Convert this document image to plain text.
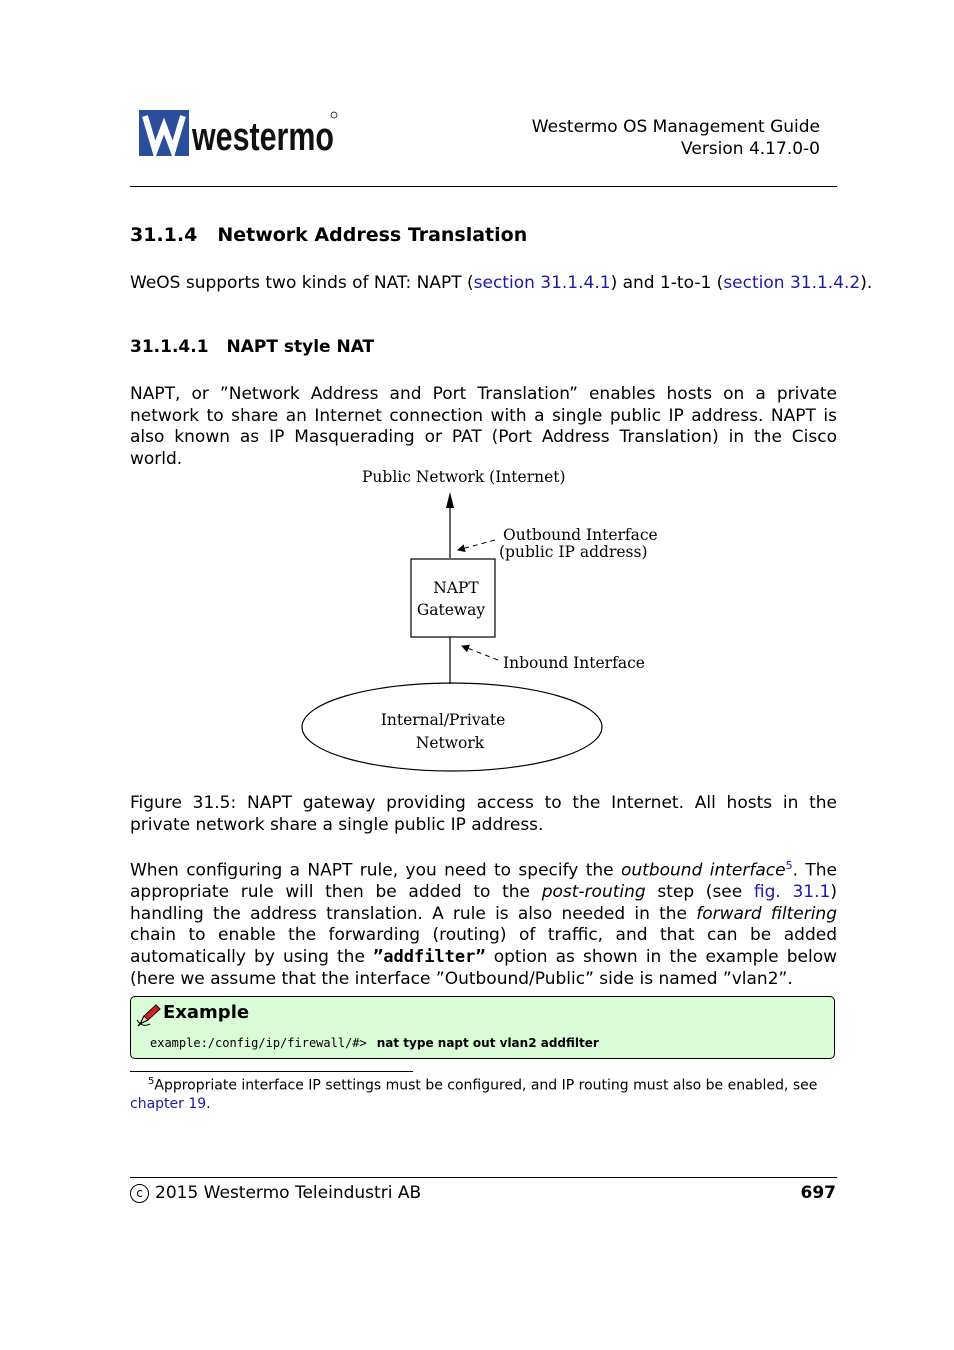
westermo	Westermo OS Management Guide
Version 4.17.0-0
31.1.4 Network Address Translation
WeOS supports two kinds of NAT: NAPT (section 31.1.4.1) and 1-to-1 (section 31.1.4.2).
31.1.4.1 NAPT style NAT
NAPT, or ”Network Address and Port Translation” enables hosts on a private network to share an Internet connection with a single public IP address. NAPT is also known as IP Masquerading or PAT (Port Address Translation) in the Cisco world.
Public Network (Internet)
Outbound Interface
(public IP address)
NAPT
Gateway
Inbound Interface
Internal/Private
Network
Figure 31.5: NAPT gateway providing access to the Internet. All hosts in the private network share a single public IP address.
When configuring a NAPT rule, you need to specify the outbound interface$^5$. The appropriate rule will then be added to the post-routing step (see fig. 31.1) handling the address translation. A rule is also needed in the forward filtering chain to enable the forwarding (routing) of traffic, and that can be added automatically by using the ”addfilter” option as shown in the example below (here we assume that the interface ”Outbound/Public” side is named ”vlan2”.
Example
example:/config/ip/firewall/#> nat type napt out vlan2 addfilter
$^5$Appropriate interface IP settings must be configured, and IP routing must also be enabled, see chapter 19.
c 2015 Westermo Teleindustri AB	697
